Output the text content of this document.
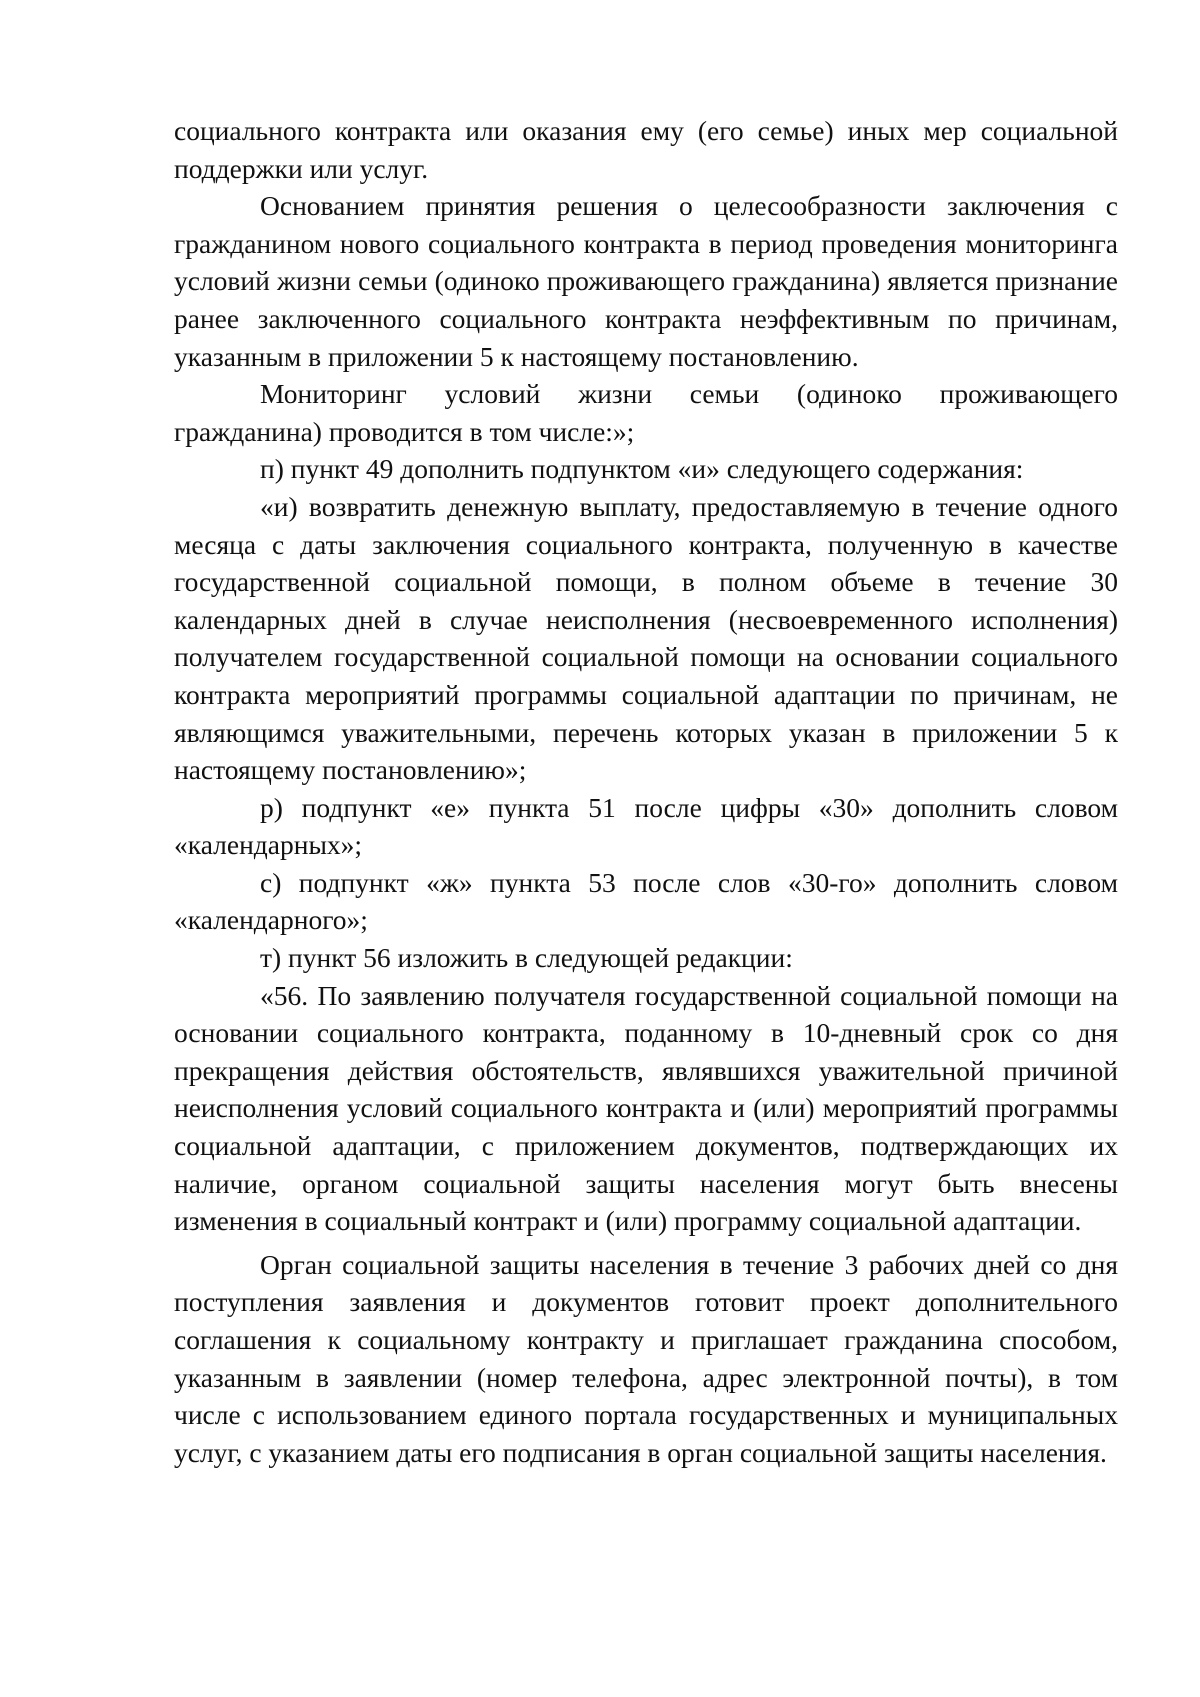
социального контракта или оказания ему (его семье) иных мер социальной поддержки или услуг.

Основанием принятия решения о целесообразности заключения с гражданином нового социального контракта в период проведения мониторинга условий жизни семьи (одиноко проживающего гражданина) является признание ранее заключенного социального контракта неэффективным по причинам, указанным в приложении 5 к настоящему постановлению.

Мониторинг условий жизни семьи (одиноко проживающего гражданина) проводится в том числе:»;

п) пункт 49 дополнить подпунктом «и» следующего содержания:

«и) возвратить денежную выплату, предоставляемую в течение одного месяца с даты заключения социального контракта, полученную в качестве государственной социальной помощи, в полном объеме в течение 30 календарных дней в случае неисполнения (несвоевременного исполнения) получателем государственной социальной помощи на основании социального контракта мероприятий программы социальной адаптации по причинам, не являющимся уважительными, перечень которых указан в приложении 5 к настоящему постановлению»;

р) подпункт «е» пункта 51 после цифры «30» дополнить словом «календарных»;

с) подпункт «ж» пункта 53 после слов «30-го» дополнить словом «календарного»;

т) пункт 56 изложить в следующей редакции:

«56. По заявлению получателя государственной социальной помощи на основании социального контракта, поданному в 10-дневный срок со дня прекращения действия обстоятельств, являвшихся уважительной причиной неисполнения условий социального контракта и (или) мероприятий программы социальной адаптации, с приложением документов, подтверждающих их наличие, органом социальной защиты населения могут быть внесены изменения в социальный контракт и (или) программу социальной адаптации.

Орган социальной защиты населения в течение 3 рабочих дней со дня поступления заявления и документов готовит проект дополнительного соглашения к социальному контракту и приглашает гражданина способом, указанным в заявлении (номер телефона, адрес электронной почты), в том числе с использованием единого портала государственных и муниципальных услуг, с указанием даты его подписания в орган социальной защиты населения.
